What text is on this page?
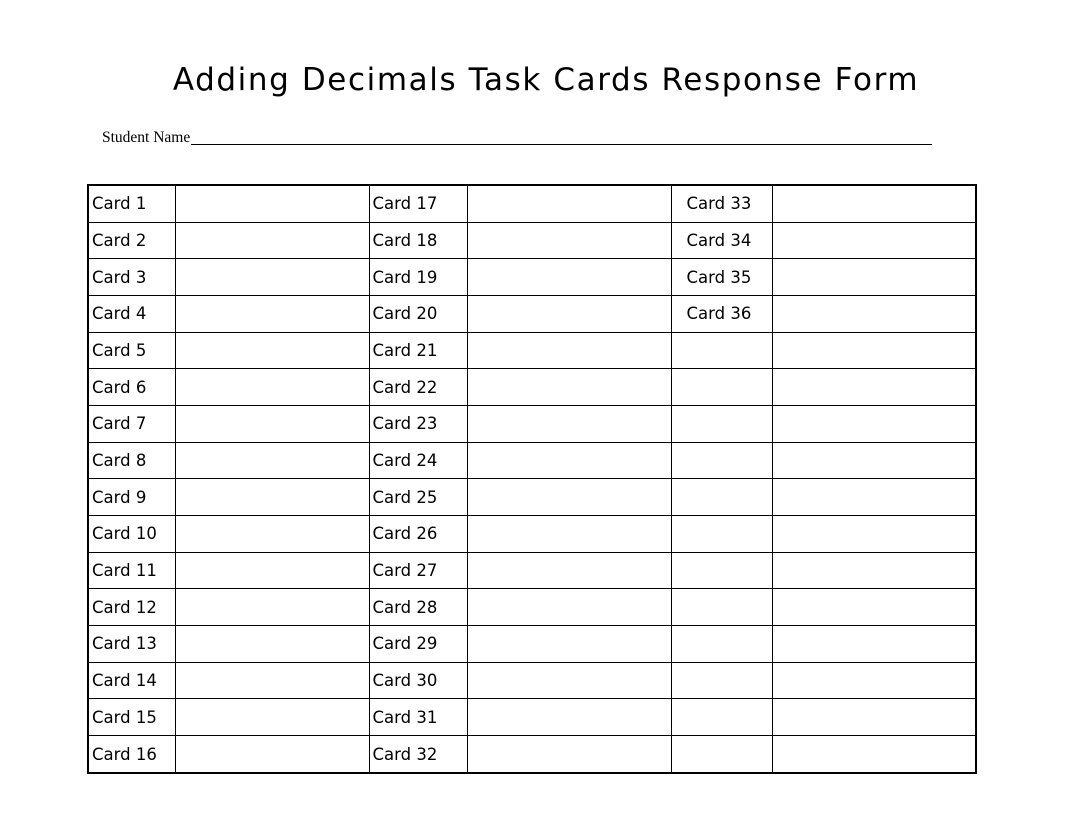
Adding Decimals Task Cards Response Form
Student Name
Card 1		Card 17		Card 33	
Card 2		Card 18		Card 34	
Card 3		Card 19		Card 35	
Card 4		Card 20		Card 36	
Card 5		Card 21			
Card 6		Card 22			
Card 7		Card 23			
Card 8		Card 24			
Card 9		Card 25			
Card 10		Card 26			
Card 11		Card 27			
Card 12		Card 28			
Card 13		Card 29			
Card 14		Card 30			
Card 15		Card 31			
Card 16		Card 32			
